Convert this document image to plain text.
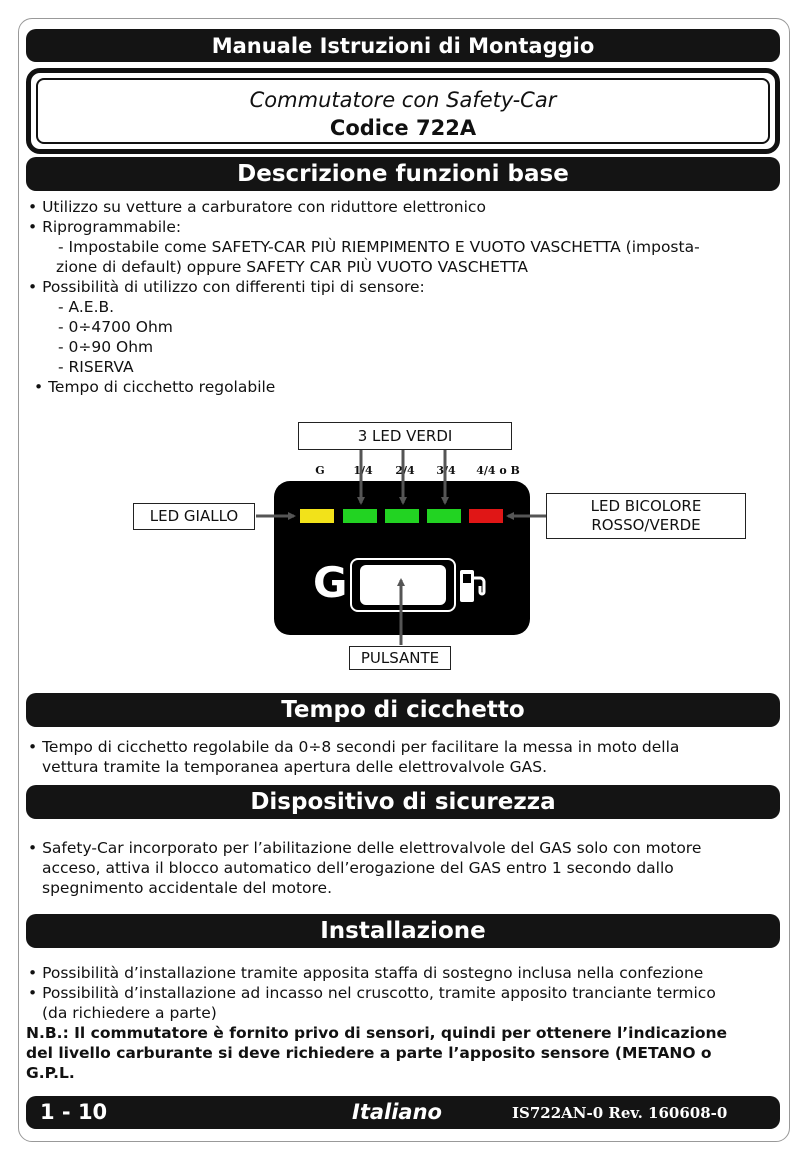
Manuale Istruzioni di Montaggio
Commutatore con Safety-Car
Codice 722A
Descrizione funzioni base
• Utilizzo su vetture a carburatore con riduttore elettronico
• Riprogrammabile:
- Impostabile come SAFETY-CAR PIÙ RIEMPIMENTO E VUOTO VASCHETTA (imposta-
zione di default) oppure SAFETY CAR PIÙ VUOTO VASCHETTA
• Possibilità di utilizzo con differenti tipi di sensore:
- A.E.B.
- 0÷4700 Ohm
- 0÷90 Ohm
- RISERVA
• Tempo di cicchetto regolabile
3 LED VERDI
G	1/4	2/4	3/4	4/4 o B
G
LED GIALLO
LED BICOLORE
ROSSO/VERDE
PULSANTE
Tempo di cicchetto
• Tempo di cicchetto regolabile da 0÷8 secondi per facilitare la messa in moto della
vettura tramite la temporanea apertura delle elettrovalvole GAS.
Dispositivo di sicurezza
• Safety-Car incorporato per l’abilitazione delle elettrovalvole del GAS solo con motore
acceso, attiva il blocco automatico dell’erogazione del GAS entro 1 secondo dallo
spegnimento accidentale del motore.
Installazione
• Possibilità d’installazione tramite apposita staffa di sostegno inclusa nella confezione
• Possibilità d’installazione ad incasso nel cruscotto, tramite apposito tranciante termico
(da richiedere a parte)
N.B.: Il commutatore è fornito privo di sensori, quindi per ottenere l’indicazione
del livello carburante si deve richiedere a parte l’apposito sensore (METANO o
G.P.L.
1 - 10	Italiano	IS722AN-0 Rev. 160608-0
